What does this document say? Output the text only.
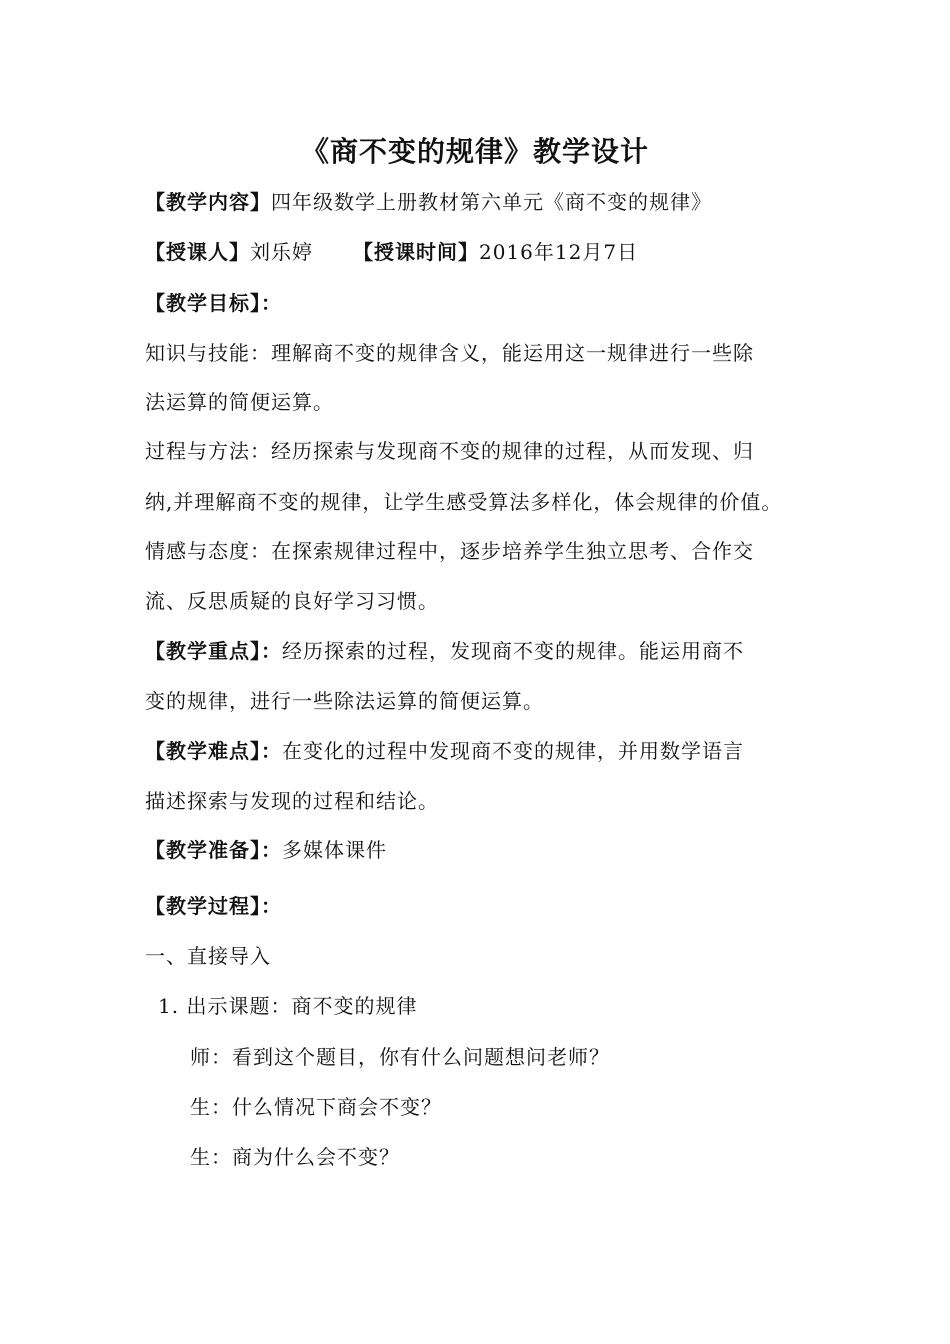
《商不变的规律》教学设计
【教学内容】四年级数学上册教材第六单元《商不变的规律》
【授课人】刘乐婷 【授课时间】2016年12月7日
【教学目标】：
知识与技能：理解商不变的规律含义，能运用这一规律进行一些除
法运算的简便运算。
过程与方法：经历探索与发现商不变的规律的过程，从而发现、归
纳,并理解商不变的规律，让学生感受算法多样化，体会规律的价值。
情感与态度：在探索规律过程中，逐步培养学生独立思考、合作交
流、反思质疑的良好学习习惯。
【教学重点】：经历探索的过程，发现商不变的规律。能运用商不
变的规律，进行一些除法运算的简便运算。
【教学难点】：在变化的过程中发现商不变的规律，并用数学语言
描述探索与发现的过程和结论。
【教学准备】：多媒体课件
【教学过程】：
一、直接导入
1. 出示课题：商不变的规律
师：看到这个题目，你有什么问题想问老师？
生：什么情况下商会不变？
生：商为什么会不变？
